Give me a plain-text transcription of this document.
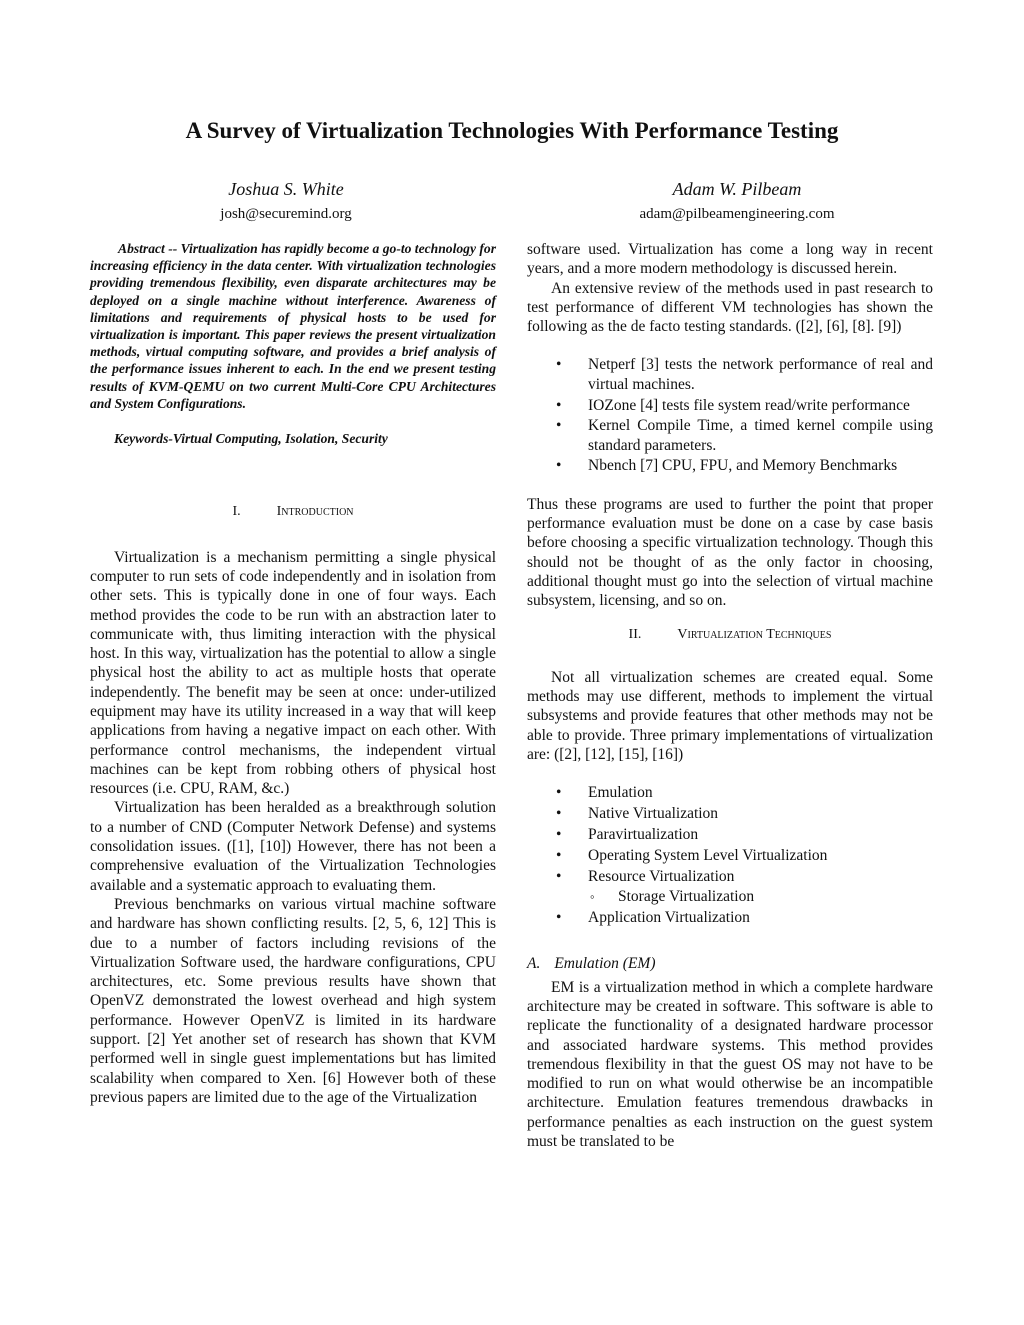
A Survey of Virtualization Technologies With Performance Testing
Joshua S. White
josh@securemind.org
Adam W. Pilbeam
adam@pilbeamengineering.com

Abstract -- Virtualization has rapidly become a go-to technology for increasing efficiency in the data center. With virtualization technologies providing tremendous flexibility, even disparate architectures may be deployed on a single machine without interference. Awareness of limitations and requirements of physical hosts to be used for virtualization is important. This paper reviews the present virtualization methods, virtual computing software, and provides a brief analysis of the performance issues inherent to each. In the end we present testing results of KVM-QEMU on two current Multi-Core CPU Architectures and System Configurations.

Keywords-Virtual Computing, Isolation, Security

I.	Introduction

Virtualization is a mechanism permitting a single physical computer to run sets of code independently and in isolation from other sets. This is typically done in one of four ways. Each method provides the code to be run with an abstraction later to communicate with, thus limiting interaction with the physical host. In this way, virtualization has the potential to allow a single physical host the ability to act as multiple hosts that operate independently. The benefit may be seen at once: under-utilized equipment may have its utility increased in a way that will keep applications from having a negative impact on each other. With performance control mechanisms, the independent virtual machines can be kept from robbing others of physical host resources (i.e. CPU, RAM, &c.)

Virtualization has been heralded as a breakthrough solution to a number of CND (Computer Network Defense) and systems consolidation issues. ([1], [10]) However, there has not been a comprehensive evaluation of the Virtualization Technologies available and a systematic approach to evaluating them.

Previous benchmarks on various virtual machine software and hardware has shown conflicting results. [2, 5, 6, 12] This is due to a number of factors including revisions of the Virtualization Software used, the hardware configurations, CPU architectures, etc. Some previous results have shown that OpenVZ demonstrated the lowest overhead and high system performance. However OpenVZ is limited in its hardware support. [2] Yet another set of research has shown that KVM performed well in single guest implementations but has limited scalability when compared to Xen. [6] However both of these previous papers are limited due to the age of the Virtualization

software used. Virtualization has come a long way in recent years, and a more modern methodology is discussed herein.

An extensive review of the methods used in past research to test performance of different VM technologies has shown the following as the de facto testing standards. ([2], [6], [8]. [9])

• Netperf [3] tests the network performance of real and virtual machines.
• IOZone [4] tests file system read/write performance
• Kernel Compile Time, a timed kernel compile using standard parameters.
• Nbench [7] CPU, FPU, and Memory Benchmarks

Thus these programs are used to further the point that proper performance evaluation must be done on a case by case basis before choosing a specific virtualization technology. Though this should not be thought of as the only factor in choosing, additional thought must go into the selection of virtual machine subsystem, licensing, and so on.

II.	Virtualization Techniques

Not all virtualization schemes are created equal. Some methods may use different, methods to implement the virtual subsystems and provide features that other methods may not be able to provide. Three primary implementations of virtualization are: ([2], [12], [15], [16])

• Emulation
• Native Virtualization
• Paravirtualization
• Operating System Level Virtualization
• Resource Virtualization
◦ Storage Virtualization
• Application Virtualization

A. Emulation (EM)

EM is a virtualization method in which a complete hardware architecture may be created in software. This software is able to replicate the functionality of a designated hardware processor and associated hardware systems. This method provides tremendous flexibility in that the guest OS may not have to be modified to run on what would otherwise be an incompatible architecture. Emulation features tremendous drawbacks in performance penalties as each instruction on the guest system must be translated to be
